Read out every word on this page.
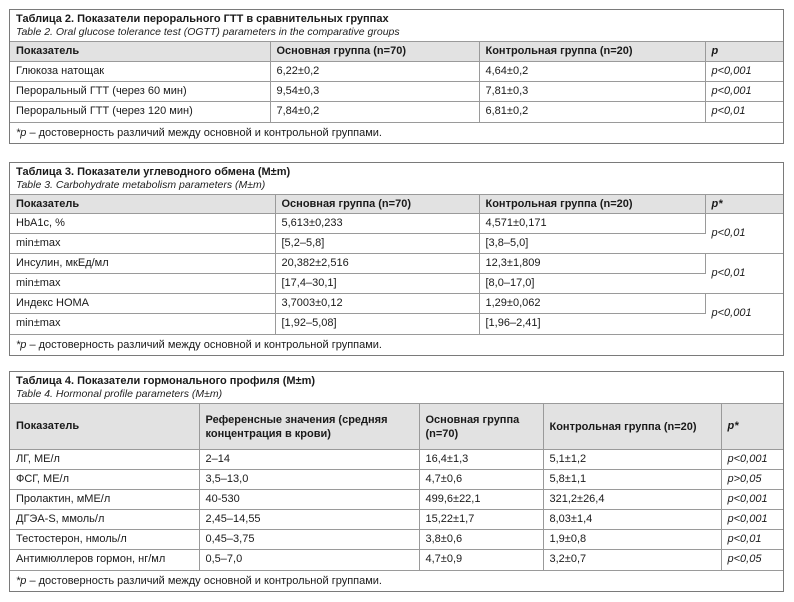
Таблица 2. Показатели перорального ГТТ в сравнительных группах
Table 2. Oral glucose tolerance test (OGTT) parameters in the comparative groups
Показатель	Основная группа (n=70)	Контрольная группа (n=20)	p
Глюкоза натощак	6,22±0,2	4,64±0,2	p<0,001
Пероральный ГТТ (через 60 мин)	9,54±0,3	7,81±0,3	p<0,001
Пероральный ГТТ (через 120 мин)	7,84±0,2	6,81±0,2	p<0,01
*p – достоверность различий между основной и контрольной группами.
Таблица 3. Показатели углеводного обмена (M±m)
Table 3. Carbohydrate metabolism parameters (M±m)
Показатель	Основная группа (n=70)	Контрольная группа (n=20)	p*
HbA1c, %	5,613±0,233	4,571±0,171	p<0,01
min±max	[5,2–5,8]	[3,8–5,0]	
Инсулин, мкЕд/мл	20,382±2,516	12,3±1,809	p<0,01
min±max	[17,4–30,1]	[8,0–17,0]	
Индекс HOMA	3,7003±0,12	1,29±0,062	p<0,001
min±max	[1,92–5,08]	[1,96–2,41]	
*p – достоверность различий между основной и контрольной группами.
Таблица 4. Показатели гормонального профиля (M±m)
Table 4. Hormonal profile parameters (M±m)
Показатель	Референсные значения (средняя концентрация в крови)	Основная группа (n=70)	Контрольная группа (n=20)	p*
ЛГ, МЕ/л	2–14	16,4±1,3	5,1±1,2	p<0,001
ФСГ, МЕ/л	3,5–13,0	4,7±0,6	5,8±1,1	p>0,05
Пролактин, мМЕ/л	40-530	499,6±22,1	321,2±26,4	p<0,001
ДГЭА-S, ммоль/л	2,45–14,55	15,22±1,7	8,03±1,4	p<0,001
Тестостерон, нмоль/л	0,45–3,75	3,8±0,6	1,9±0,8	p<0,01
Антимюллеров гормон, нг/мл	0,5–7,0	4,7±0,9	3,2±0,7	p<0,05
*p – достоверность различий между основной и контрольной группами.
